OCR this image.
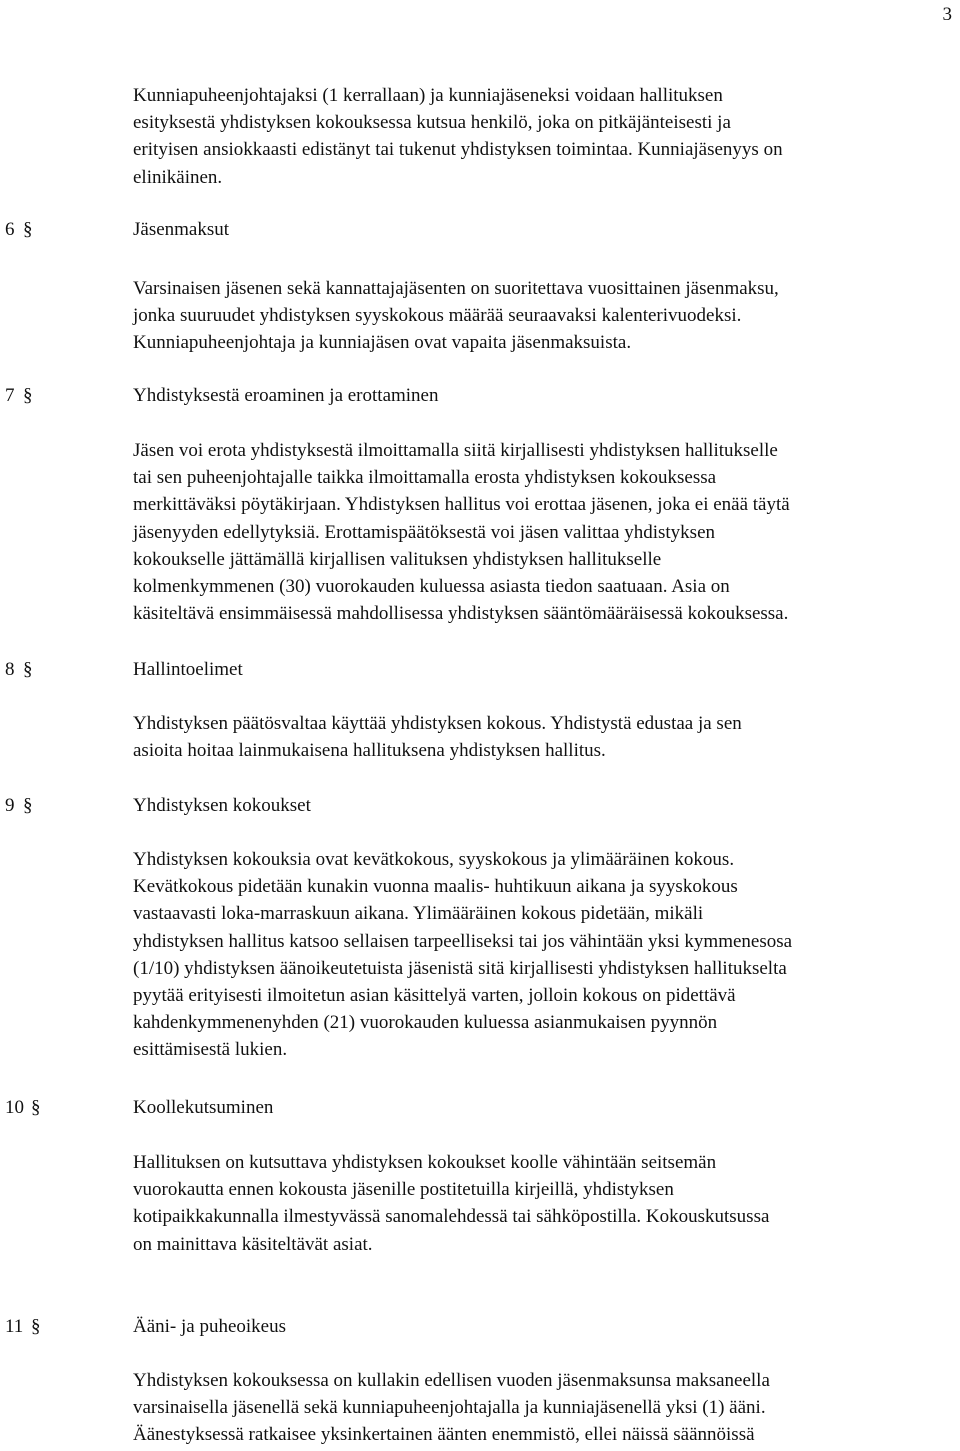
3

Kunniapuheenjohtajaksi (1 kerrallaan) ja kunniajäseneksi voidaan hallituksen
esityksestä yhdistyksen kokouksessa kutsua henkilö, joka on pitkäjänteisesti ja
erityisen ansiokkaasti edistänyt tai tukenut yhdistyksen toimintaa. Kunniajäsenyys on
elinikäinen.

6 §	Jäsenmaksut

Varsinaisen jäsenen sekä kannattajajäsenten on suoritettava vuosittainen jäsenmaksu,
jonka suuruudet yhdistyksen syyskokous määrää seuraavaksi kalenterivuodeksi.
Kunniapuheenjohtaja ja kunniajäsen ovat vapaita jäsenmaksuista.

7 §	Yhdistyksestä eroaminen ja erottaminen

Jäsen voi erota yhdistyksestä ilmoittamalla siitä kirjallisesti yhdistyksen hallitukselle
tai sen puheenjohtajalle taikka ilmoittamalla erosta yhdistyksen kokouksessa
merkittäväksi pöytäkirjaan. Yhdistyksen hallitus voi erottaa jäsenen, joka ei enää täytä
jäsenyyden edellytyksiä. Erottamispäätöksestä voi jäsen valittaa yhdistyksen
kokoukselle jättämällä kirjallisen valituksen yhdistyksen hallitukselle
kolmenkymmenen (30) vuorokauden kuluessa asiasta tiedon saatuaan. Asia on
käsiteltävä ensimmäisessä mahdollisessa yhdistyksen sääntömääräisessä kokouksessa.

8 §	Hallintoelimet

Yhdistyksen päätösvaltaa käyttää yhdistyksen kokous. Yhdistystä edustaa ja sen
asioita hoitaa lainmukaisena hallituksena yhdistyksen hallitus.

9 §	Yhdistyksen kokoukset

Yhdistyksen kokouksia ovat kevätkokous, syyskokous ja ylimääräinen kokous.
Kevätkokous pidetään kunakin vuonna maalis- huhtikuun aikana ja syyskokous
vastaavasti loka-marraskuun aikana. Ylimääräinen kokous pidetään, mikäli
yhdistyksen hallitus katsoo sellaisen tarpeelliseksi tai jos vähintään yksi kymmenesosa
(1/10) yhdistyksen äänoikeutetuista jäsenistä sitä kirjallisesti yhdistyksen hallitukselta
pyytää erityisesti ilmoitetun asian käsittelyä varten, jolloin kokous on pidettävä
kahdenkymmenenyhden (21) vuorokauden kuluessa asianmukaisen pyynnön
esittämisestä lukien.

10 §	Koollekutsuminen

Hallituksen on kutsuttava yhdistyksen kokoukset koolle vähintään seitsemän
vuorokautta ennen kokousta jäsenille postitetuilla kirjeillä, yhdistyksen
kotipaikkakunnalla ilmestyvässä sanomalehdessä tai sähköpostilla. Kokouskutsussa
on mainittava käsiteltävät asiat.

11 §	Ääni- ja puheoikeus

Yhdistyksen kokouksessa on kullakin edellisen vuoden jäsenmaksunsa maksaneella
varsinaisella jäsenellä sekä kunniapuheenjohtajalla ja kunniajäsenellä yksi (1) ääni.
Äänestyksessä ratkaisee yksinkertainen äänten enemmistö, ellei näissä säännöissä
